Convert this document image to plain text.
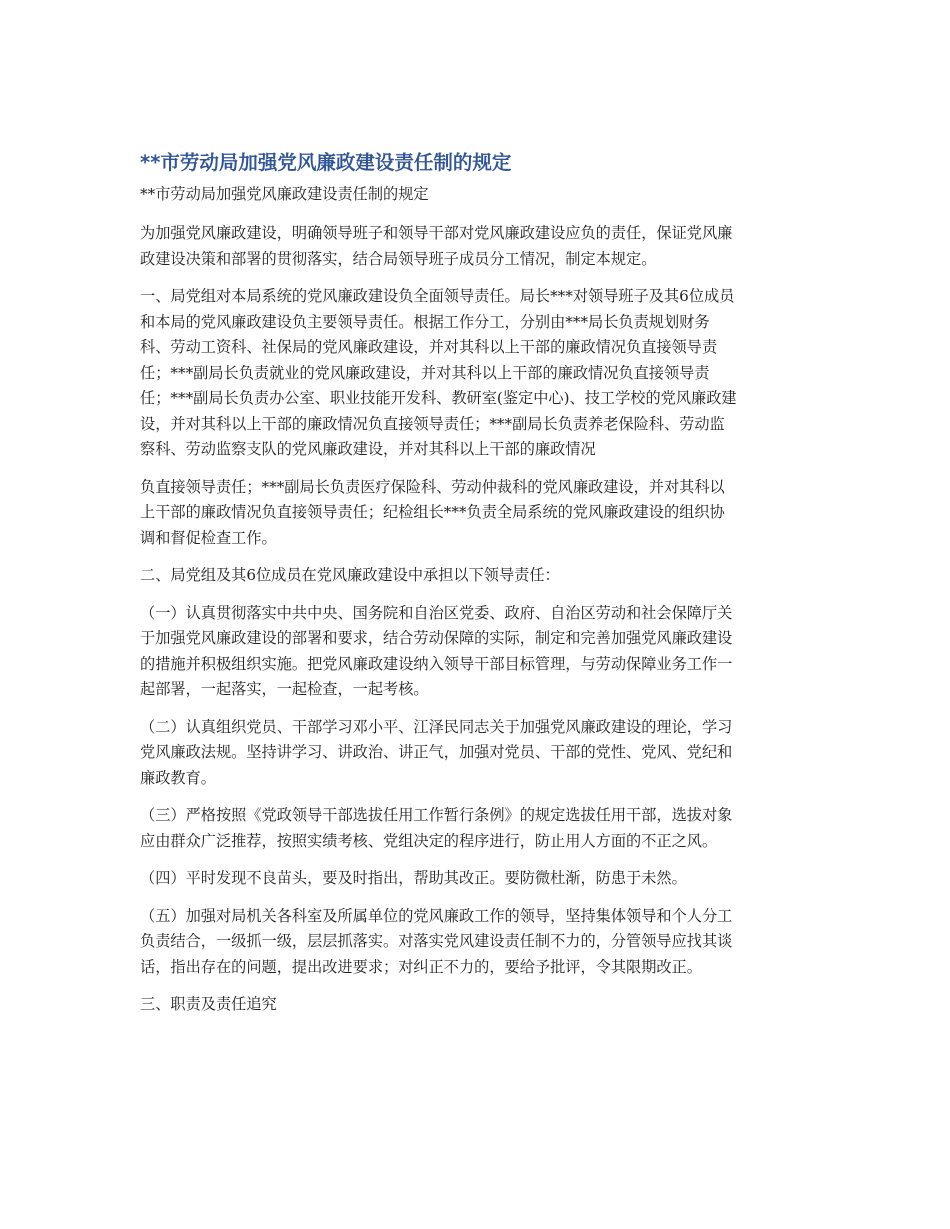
**市劳动局加强党风廉政建设责任制的规定
**市劳动局加强党风廉政建设责任制的规定

为加强党风廉政建设，明确领导班子和领导干部对党风廉政建设应负的责任，保证党风廉
政建设决策和部署的贯彻落实，结合局领导班子成员分工情况，制定本规定。

一、局党组对本局系统的党风廉政建设负全面领导责任。局长***对领导班子及其6位成员
和本局的党风廉政建设负主要领导责任。根据工作分工，分别由***局长负责规划财务
科、劳动工资科、社保局的党风廉政建设，并对其科以上干部的廉政情况负直接领导责
任；***副局长负责就业的党风廉政建设，并对其科以上干部的廉政情况负直接领导责
任；***副局长负责办公室、职业技能开发科、教研室(鉴定中心)、技工学校的党风廉政建
设，并对其科以上干部的廉政情况负直接领导责任；***副局长负责养老保险科、劳动监
察科、劳动监察支队的党风廉政建设，并对其科以上干部的廉政情况

负直接领导责任；***副局长负责医疗保险科、劳动仲裁科的党风廉政建设，并对其科以
上干部的廉政情况负直接领导责任；纪检组长***负责全局系统的党风廉政建设的组织协
调和督促检查工作。

二、局党组及其6位成员在党风廉政建设中承担以下领导责任：

（一）认真贯彻落实中共中央、国务院和自治区党委、政府、自治区劳动和社会保障厅关
于加强党风廉政建设的部署和要求，结合劳动保障的实际，制定和完善加强党风廉政建设
的措施并积极组织实施。把党风廉政建设纳入领导干部目标管理，与劳动保障业务工作一
起部署，一起落实，一起检查，一起考核。

（二）认真组织党员、干部学习邓小平、江泽民同志关于加强党风廉政建设的理论，学习
党风廉政法规。坚持讲学习、讲政治、讲正气，加强对党员、干部的党性、党风、党纪和
廉政教育。

（三）严格按照《党政领导干部选拔任用工作暂行条例》的规定选拔任用干部，选拔对象
应由群众广泛推荐，按照实绩考核、党组决定的程序进行，防止用人方面的不正之风。

（四）平时发现不良苗头，要及时指出，帮助其改正。要防微杜渐，防患于未然。

（五）加强对局机关各科室及所属单位的党风廉政工作的领导，坚持集体领导和个人分工
负责结合，一级抓一级，层层抓落实。对落实党风建设责任制不力的，分管领导应找其谈
话，指出存在的问题，提出改进要求；对纠正不力的，要给予批评，令其限期改正。

三、职责及责任追究
